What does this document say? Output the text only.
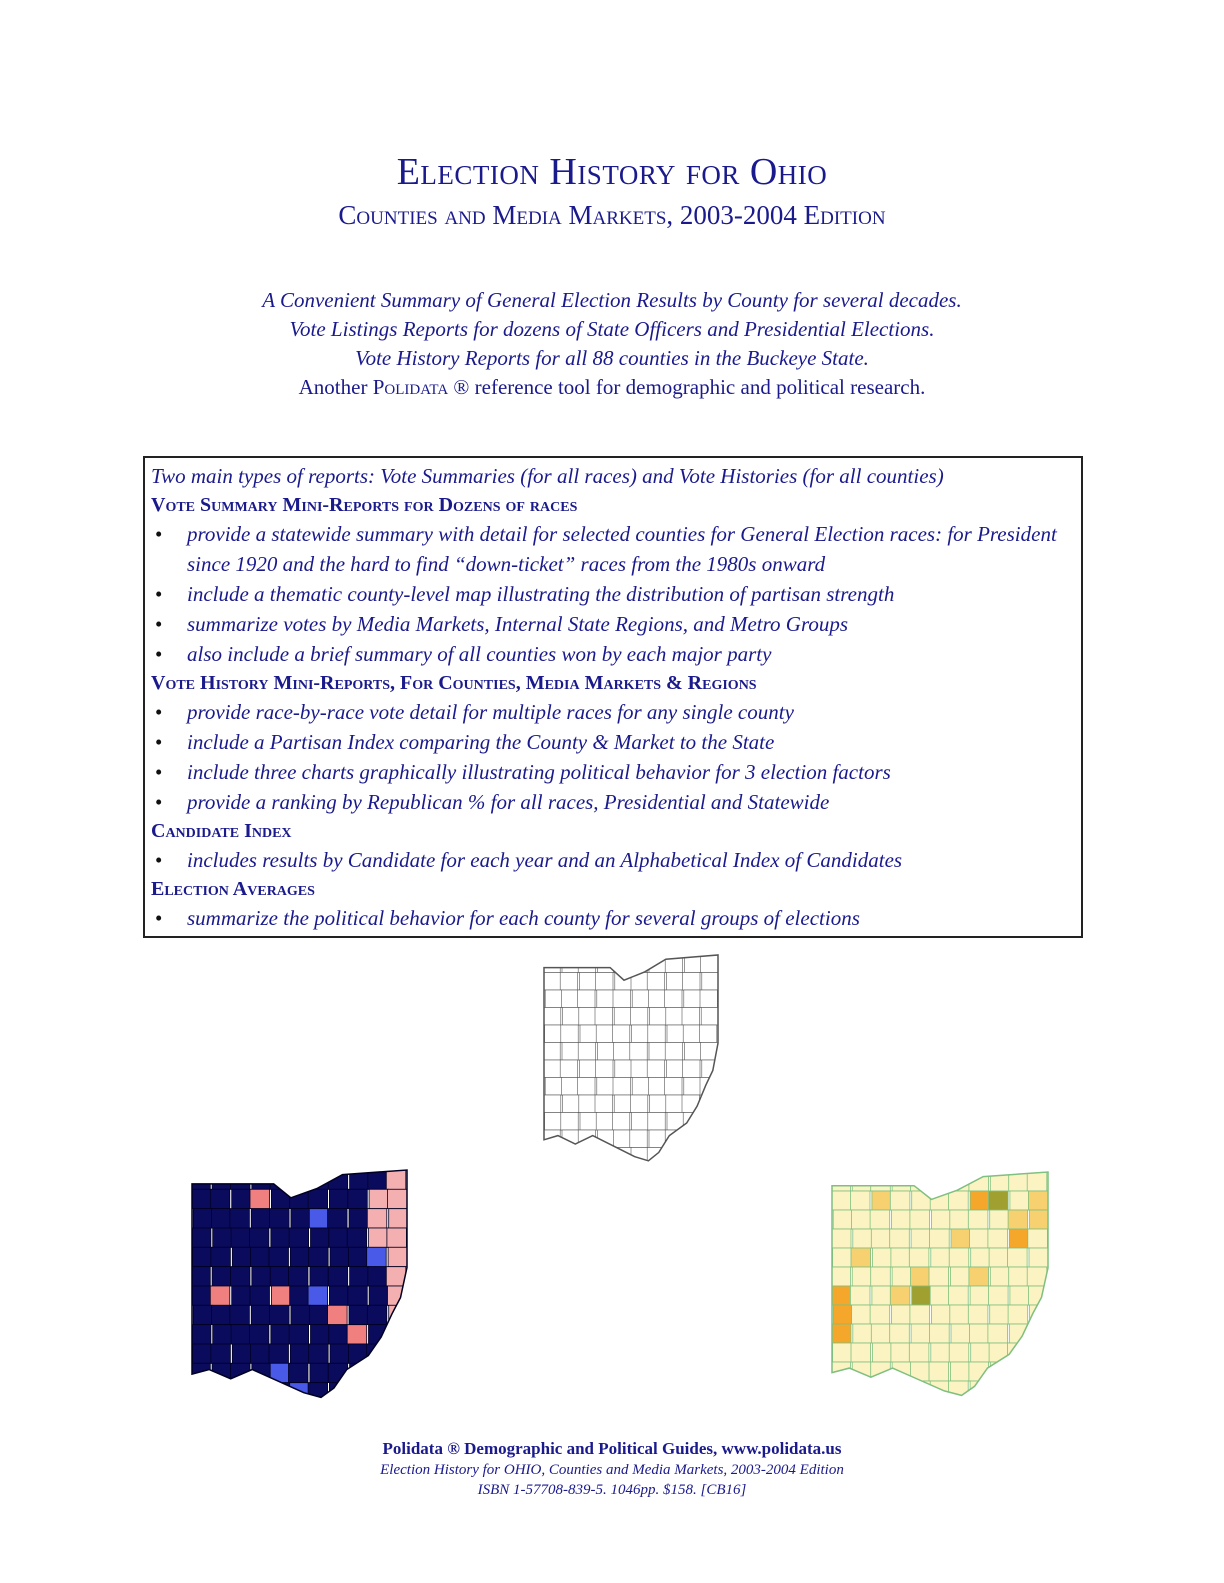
Election History for Ohio
Counties and Media Markets, 2003-2004 Edition
A Convenient Summary of General Election Results by County for several decades.
Vote Listings Reports for dozens of State Officers and Presidential Elections.
Vote History Reports for all 88 counties in the Buckeye State.
Another Polidata ® reference tool for demographic and political research.
Two main types of reports: Vote Summaries (for all races) and Vote Histories (for all counties)
Vote Summary Mini-Reports for Dozens of races
• provide a statewide summary with detail for selected counties for General Election races: for President since 1920 and the hard to find “down-ticket” races from the 1980s onward
• include a thematic county-level map illustrating the distribution of partisan strength
• summarize votes by Media Markets, Internal State Regions, and Metro Groups
• also include a brief summary of all counties won by each major party
Vote History Mini-Reports, For Counties, Media Markets & Regions
• provide race-by-race vote detail for multiple races for any single county
• include a Partisan Index comparing the County & Market to the State
• include three charts graphically illustrating political behavior for 3 election factors
• provide a ranking by Republican % for all races, Presidential and Statewide
Candidate Index
• includes results by Candidate for each year and an Alphabetical Index of Candidates
Election Averages
• summarize the political behavior for each county for several groups of elections
Polidata ® Demographic and Political Guides, www.polidata.us
Election History for OHIO, Counties and Media Markets, 2003-2004 Edition
ISBN 1-57708-839-5. 1046pp. $158. [CB16]
